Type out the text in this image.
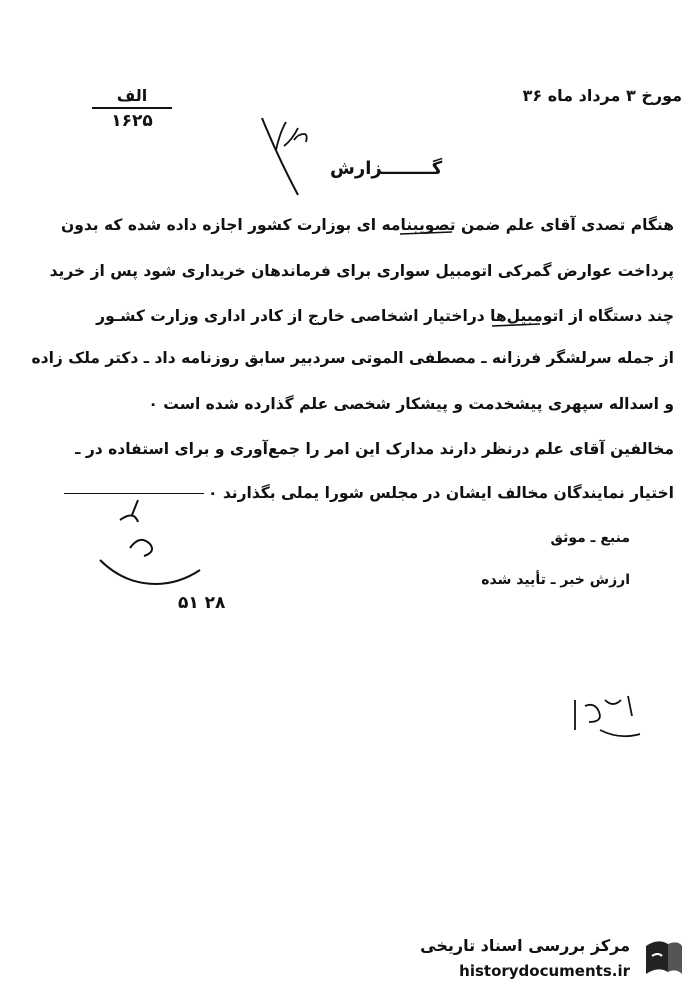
مورخ ۳ مرداد ماه ۳۶
الف
۱۶۲۵
گــــــــزارش
هنگام تصدی آقای علم ضمن تصویبنامه ای بوزارت کشور اجازه داده شده که بدون
پرداخت عوارض گمرکی اتومبیل سواری برای فرماندهان خریداری شود پس از خرید
چند دستگاه از اتومبیل‌ها دراختیار اشخاصی خارج از کادر اداری وزارت کشـور
از جمله سرلشگر فرزانه ـ مصطفی الموتی سردبیر سابق روزنامه داد ـ دکتر ملک زاده
و اسداله سپهری پیشخدمت و پیشکار شخصی علم گذارده شده است ۰
مخالفین آقای علم درنظر دارند مدارک این امر را جمع‌آوری و برای استفاده در ـ
اختیار نمایندگان مخالف ایشان در مجلس شورا یملی بگذارند ۰
منبع ـ موثق
ارزش خبر ـ تأیید شده
۵۱ ۲۸
مرکز بررسی اسناد تاریخی
historydocuments.ir
